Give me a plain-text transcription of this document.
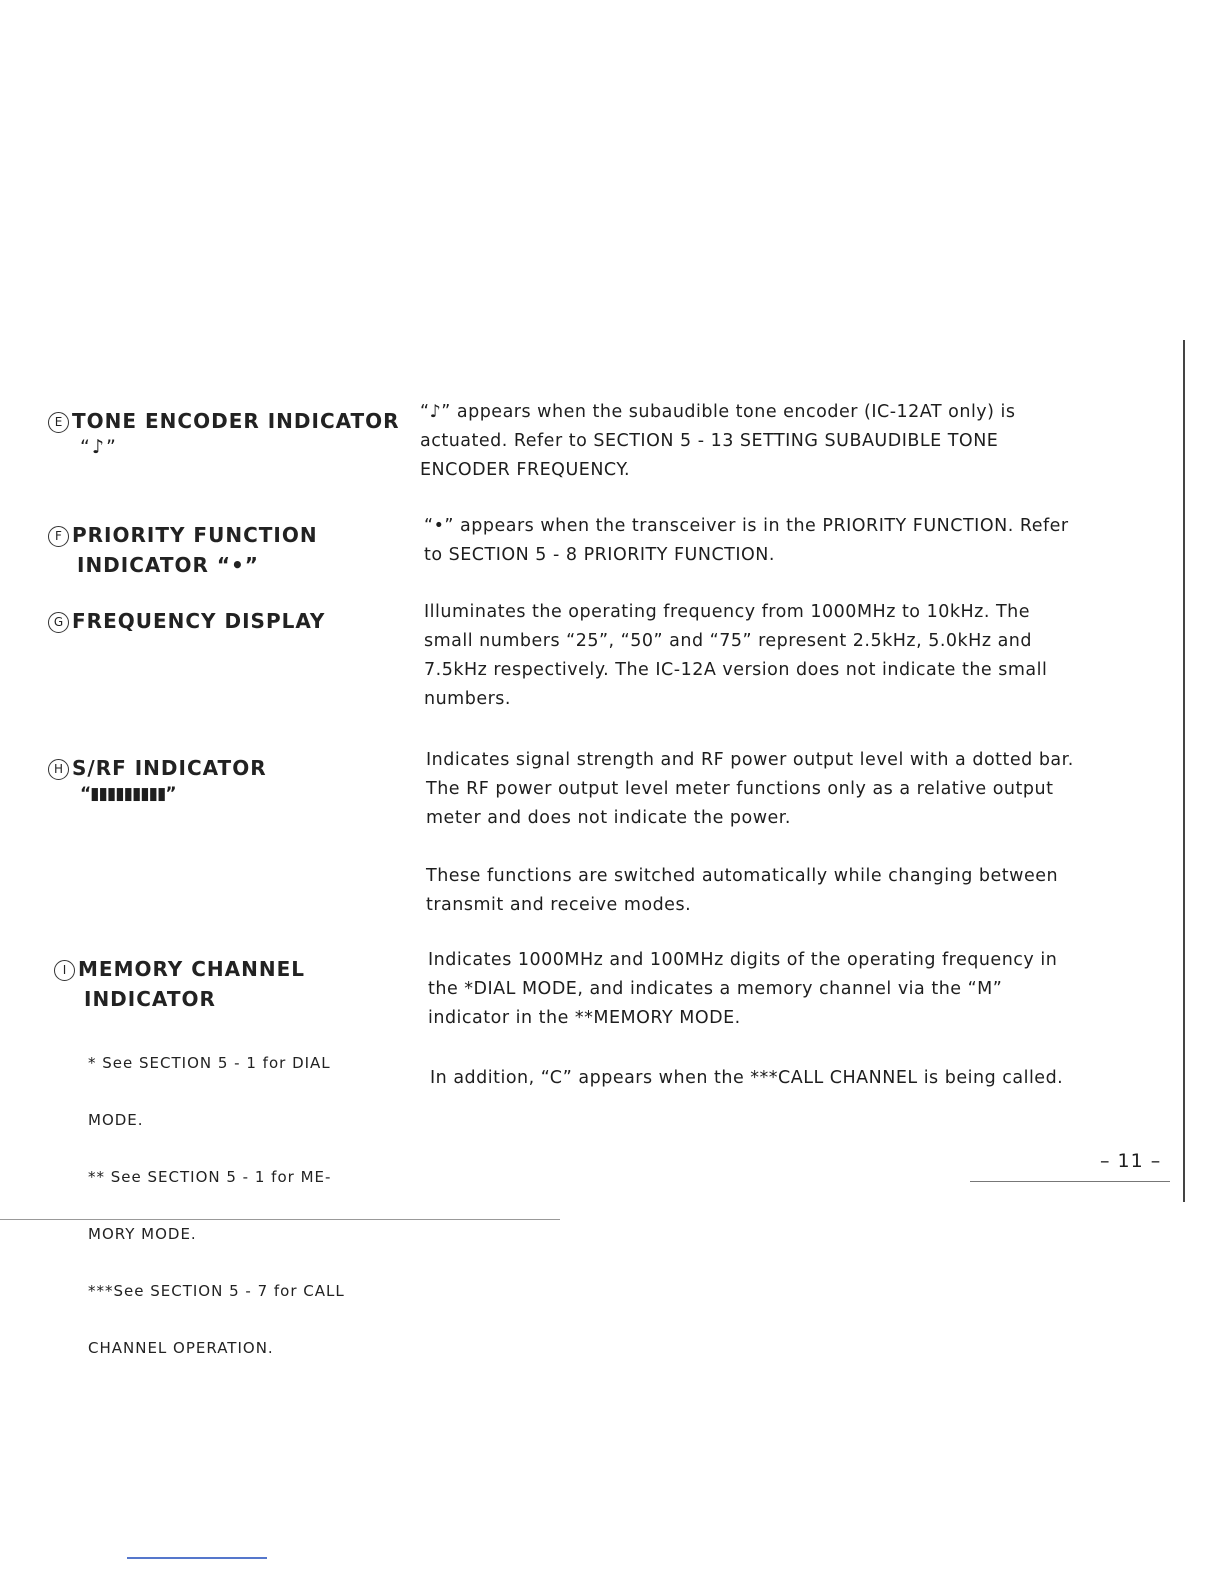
E TONE ENCODER INDICATOR
“♪”
“♪” appears when the subaudible tone encoder (IC-12AT only) is actuated. Refer to SECTION 5 - 13 SETTING SUBAUDIBLE TONE ENCODER FREQUENCY.
F PRIORITY FUNCTION
INDICATOR “•”
“•” appears when the transceiver is in the PRIORITY FUNCTION. Refer to SECTION 5 - 8 PRIORITY FUNCTION.
G FREQUENCY DISPLAY	Illuminates the operating frequency from 1000MHz to 10kHz. The small numbers “25”, “50” and “75” represent 2.5kHz, 5.0kHz and 7.5kHz respectively. The IC-12A version does not indicate the small numbers.
H S/RF INDICATOR
“▮▮▮▮▮▮▮▮▮”
Indicates signal strength and RF power output level with a dotted bar. The RF power output level meter functions only as a relative output meter and does not indicate the power.
These functions are switched automatically while changing between transmit and receive modes.
I MEMORY CHANNEL
INDICATOR

* See SECTION 5 - 1 for DIAL

MODE.

** See SECTION 5 - 1 for ME-

MORY MODE.

***See SECTION 5 - 7 for CALL

CHANNEL OPERATION.

Indicates 1000MHz and 100MHz digits of the operating frequency in the *DIAL MODE, and indicates a memory channel via the “M” indicator in the **MEMORY MODE.
In addition, “C” appears when the ***CALL CHANNEL is being called.
– 11 –
